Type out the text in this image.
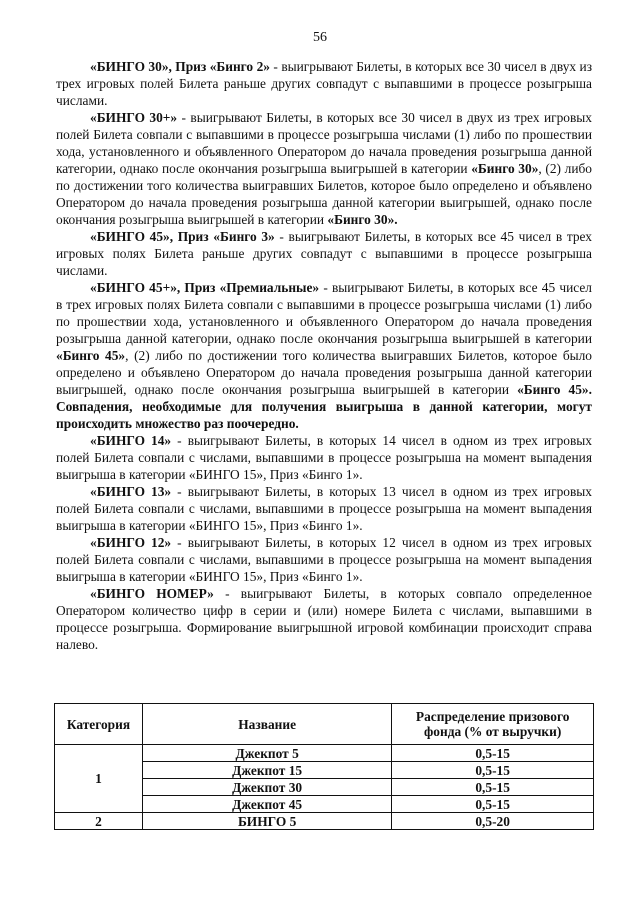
56

«БИНГО 30», Приз «Бинго 2» - выигрывают Билеты, в которых все 30 чисел в двух из трех игровых полей Билета раньше других совпадут с выпавшими в процессе розыгрыша числами.

«БИНГО 30+» - выигрывают Билеты, в которых все 30 чисел в двух из трех игровых полей Билета совпали с выпавшими в процессе розыгрыша числами (1) либо по прошествии хода, установленного и объявленного Оператором до начала проведения розыгрыша данной категории, однако после окончания розыгрыша выигрышей в категории «Бинго 30», (2) либо по достижении того количества выигравших Билетов, которое было определено и объявлено Оператором до начала проведения розыгрыша данной категории выигрышей, однако после окончания розыгрыша выигрышей в категории «Бинго 30».

«БИНГО 45», Приз «Бинго 3» - выигрывают Билеты, в которых все 45 чисел в трех игровых полях Билета раньше других совпадут с выпавшими в процессе розыгрыша числами.

«БИНГО 45+», Приз «Премиальные» - выигрывают Билеты, в которых все 45 чисел в трех игровых полях Билета совпали с выпавшими в процессе розыгрыша числами (1) либо по прошествии хода, установленного и объявленного Оператором до начала проведения розыгрыша данной категории, однако после окончания розыгрыша выигрышей в категории «Бинго 45», (2) либо по достижении того количества выигравших Билетов, которое было определено и объявлено Оператором до начала проведения розыгрыша данной категории выигрышей, однако после окончания розыгрыша выигрышей в категории «Бинго 45». Совпадения, необходимые для получения выигрыша в данной категории, могут происходить множество раз поочередно.

«БИНГО 14» - выигрывают Билеты, в которых 14 чисел в одном из трех игровых полей Билета совпали с числами, выпавшими в процессе розыгрыша на момент выпадения выигрыша в категории «БИНГО 15», Приз «Бинго 1».

«БИНГО 13» - выигрывают Билеты, в которых 13 чисел в одном из трех игровых полей Билета совпали с числами, выпавшими в процессе розыгрыша на момент выпадения выигрыша в категории «БИНГО 15», Приз «Бинго 1».

«БИНГО 12» - выигрывают Билеты, в которых 12 чисел в одном из трех игровых полей Билета совпали с числами, выпавшими в процессе розыгрыша на момент выпадения выигрыша в категории «БИНГО 15», Приз «Бинго 1».

«БИНГО НОМЕР» - выигрывают Билеты, в которых совпало определенное Оператором количество цифр в серии и (или) номере Билета с числами, выпавшими в процессе розыгрыша. Формирование выигрышной игровой комбинации происходит справа налево.

Категория	Название	Распределение призового фонда (% от выручки)
1	Джекпот 5	0,5-15
	Джекпот 15	0,5-15
	Джекпот 30	0,5-15
	Джекпот 45	0,5-15
2	БИНГО 5	0,5-20
